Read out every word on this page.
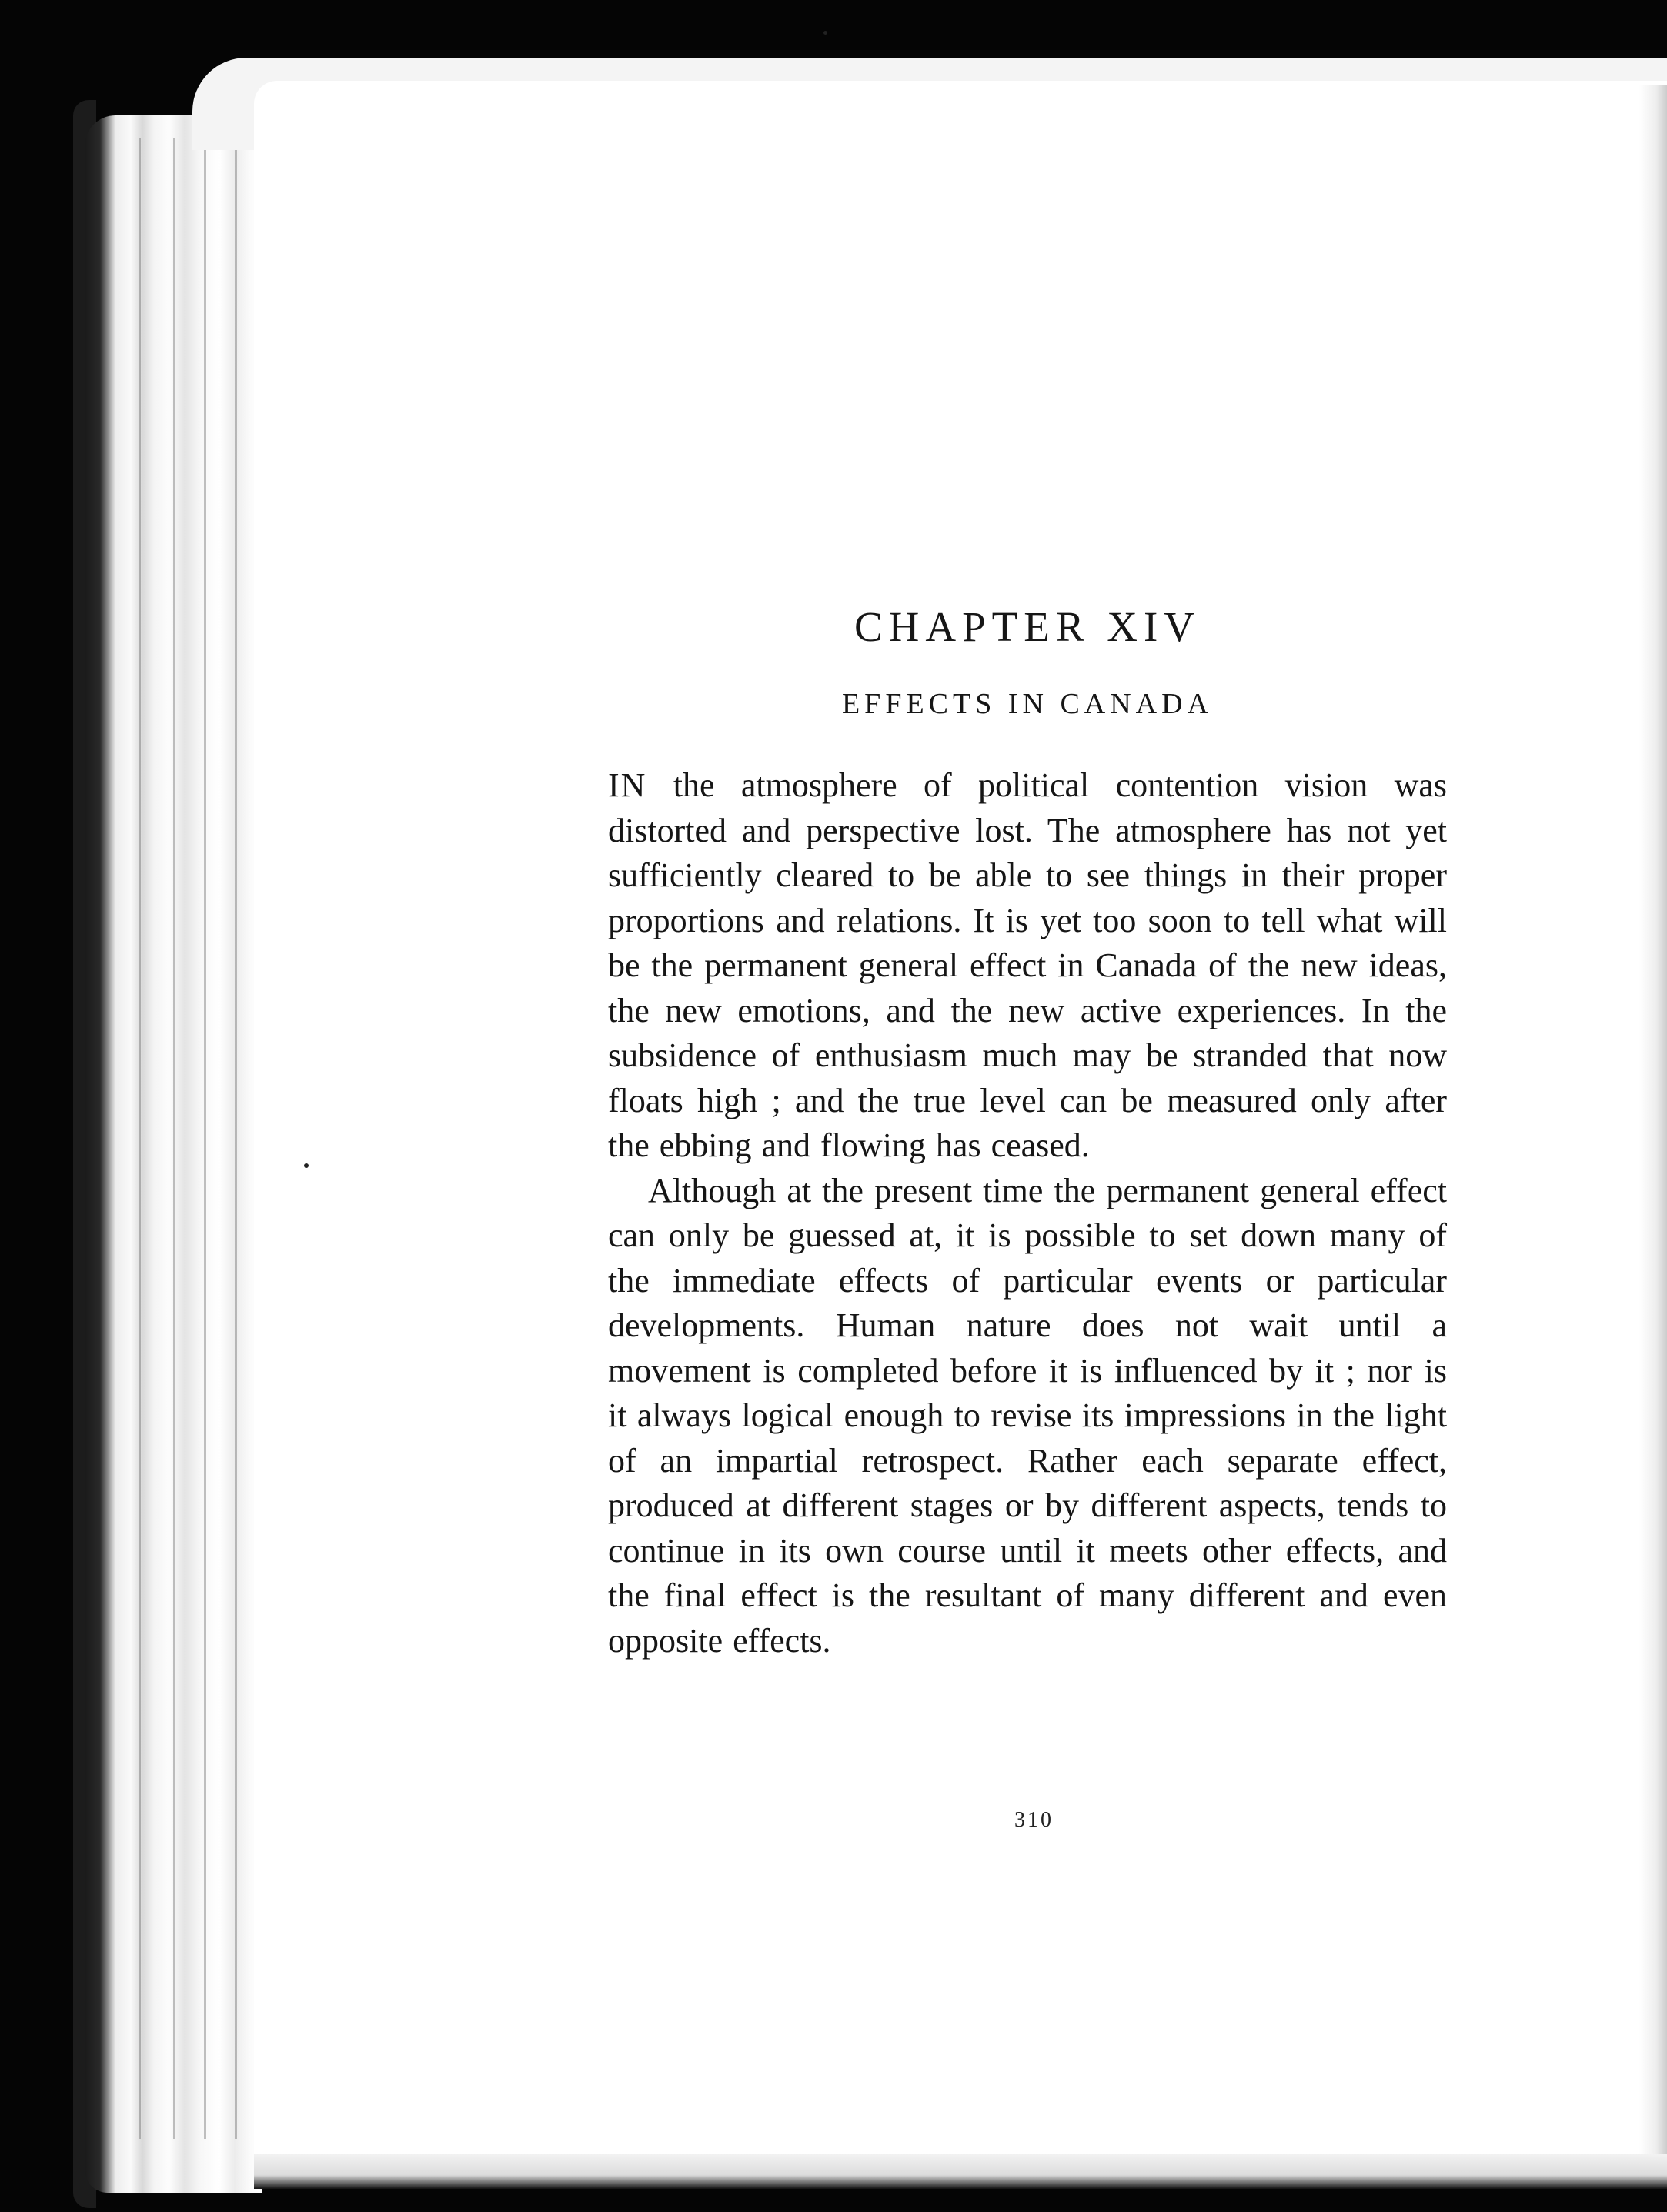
CHAPTER XIV
EFFECTS IN CANADA

IN the atmosphere of political contention vision was distorted and perspective lost. The atmosphere has not yet sufficiently cleared to be able to see things in their proper proportions and relations. It is yet too soon to tell what will be the permanent general effect in Canada of the new ideas, the new emotions, and the new active experiences. In the subsidence of enthusiasm much may be stranded that now floats high ; and the true level can be measured only after the ebbing and flowing has ceased.

Although at the present time the permanent general effect can only be guessed at, it is possible to set down many of the immediate effects of particular events or particular developments. Human nature does not wait until a movement is completed before it is influenced by it ; nor is it always logical enough to revise its impressions in the light of an impartial retrospect. Rather each separate effect, produced at different stages or by different aspects, tends to continue in its own course until it meets other effects, and the final effect is the resultant of many different and even opposite effects.

310
